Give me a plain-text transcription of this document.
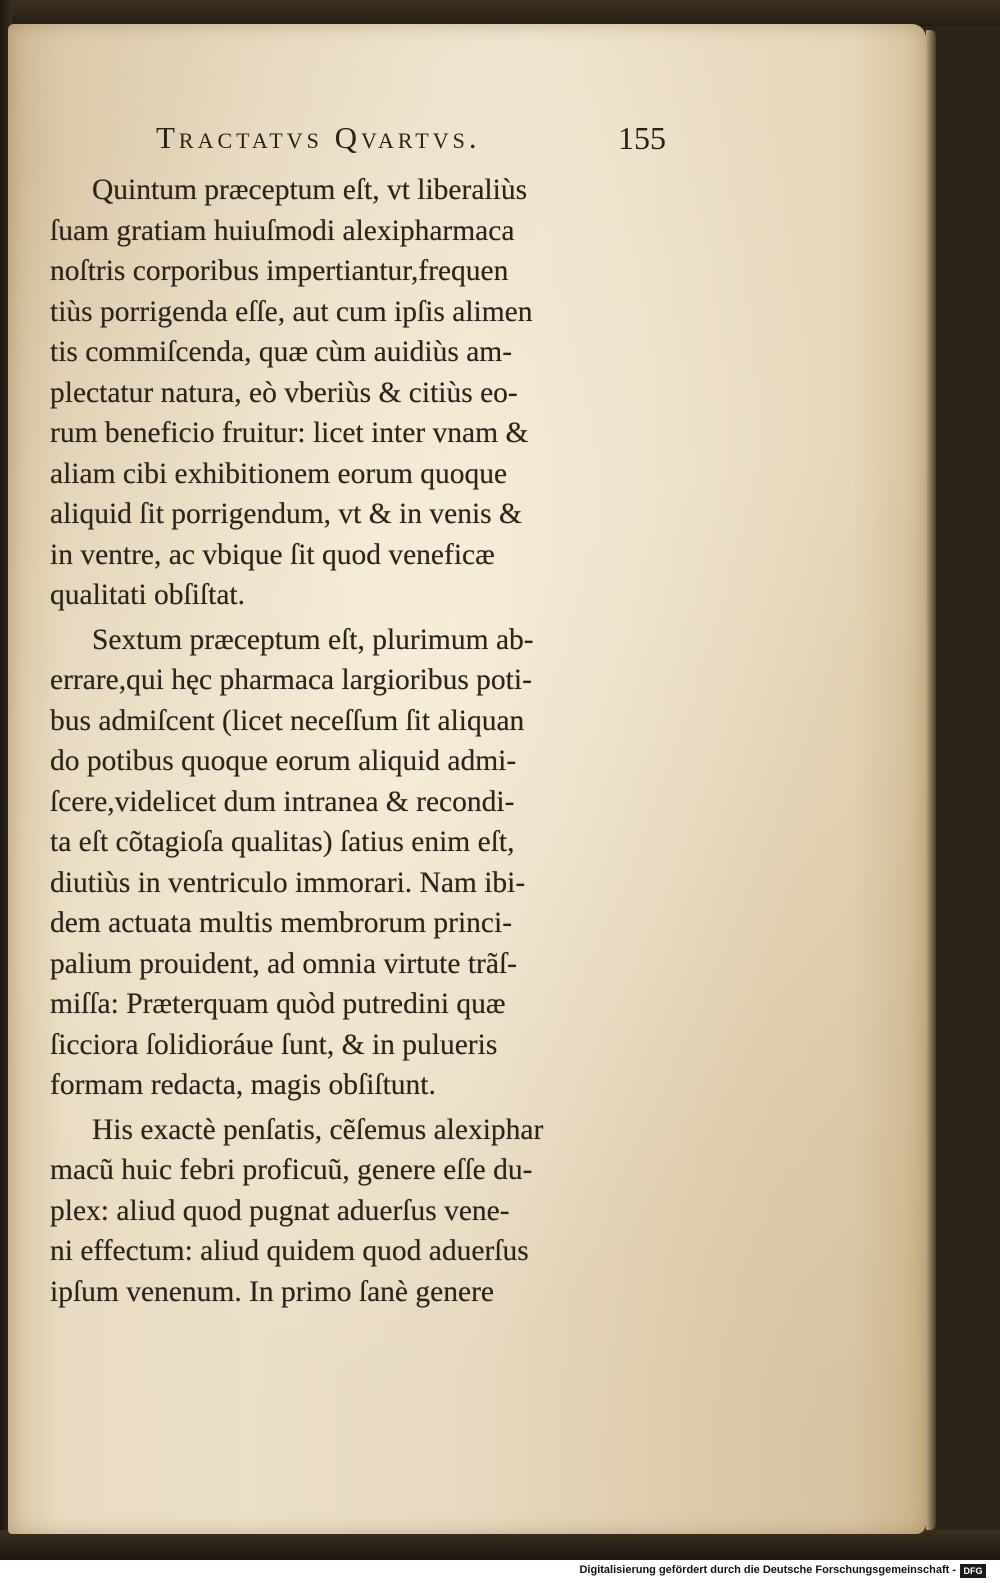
Tractatvs Qvartvs.	155
Quintum præceptum eſt, vt liberaliùs
ſuam gratiam huiuſmodi alexipharmaca
noſtris corporibus impertiantur,frequen
tiùs porrigenda eſſe, aut cum ipſis alimen
tis commiſcenda, quæ cùm auidiùs am-
plectatur natura, eò vberiùs & citiùs eo-
rum beneficio fruitur: licet inter vnam &
aliam cibi exhibitionem eorum quoque
aliquid ſit porrigendum, vt & in venis &
in ventre, ac vbique ſit quod veneficæ
qualitati obſiſtat.
Sextum præceptum eſt, plurimum ab-
errare,qui hęc pharmaca largioribus poti-
bus admiſcent (licet neceſſum ſit aliquan
do potibus quoque eorum aliquid admi-
ſcere,videlicet dum intranea & recondi-
ta eſt cõtagioſa qualitas) ſatius enim eſt,
diutiùs in ventriculo immorari. Nam ibi-
dem actuata multis membrorum princi-
palium prouident, ad omnia virtute trãſ-
miſſa: Præterquam quòd putredini quæ
ſicciora ſolidioráue ſunt, & in pulueris
formam redacta, magis obſiſtunt.
His exactè penſatis, cẽſemus alexiphar
macũ huic febri proficuũ, genere eſſe du-
plex: aliud quod pugnat aduerſus vene-
ni effectum: aliud quidem quod aduerſus
ipſum venenum. In primo ſanè genere
Digitalisierung gefördert durch die Deutsche Forschungsgemeinschaft - DFG
